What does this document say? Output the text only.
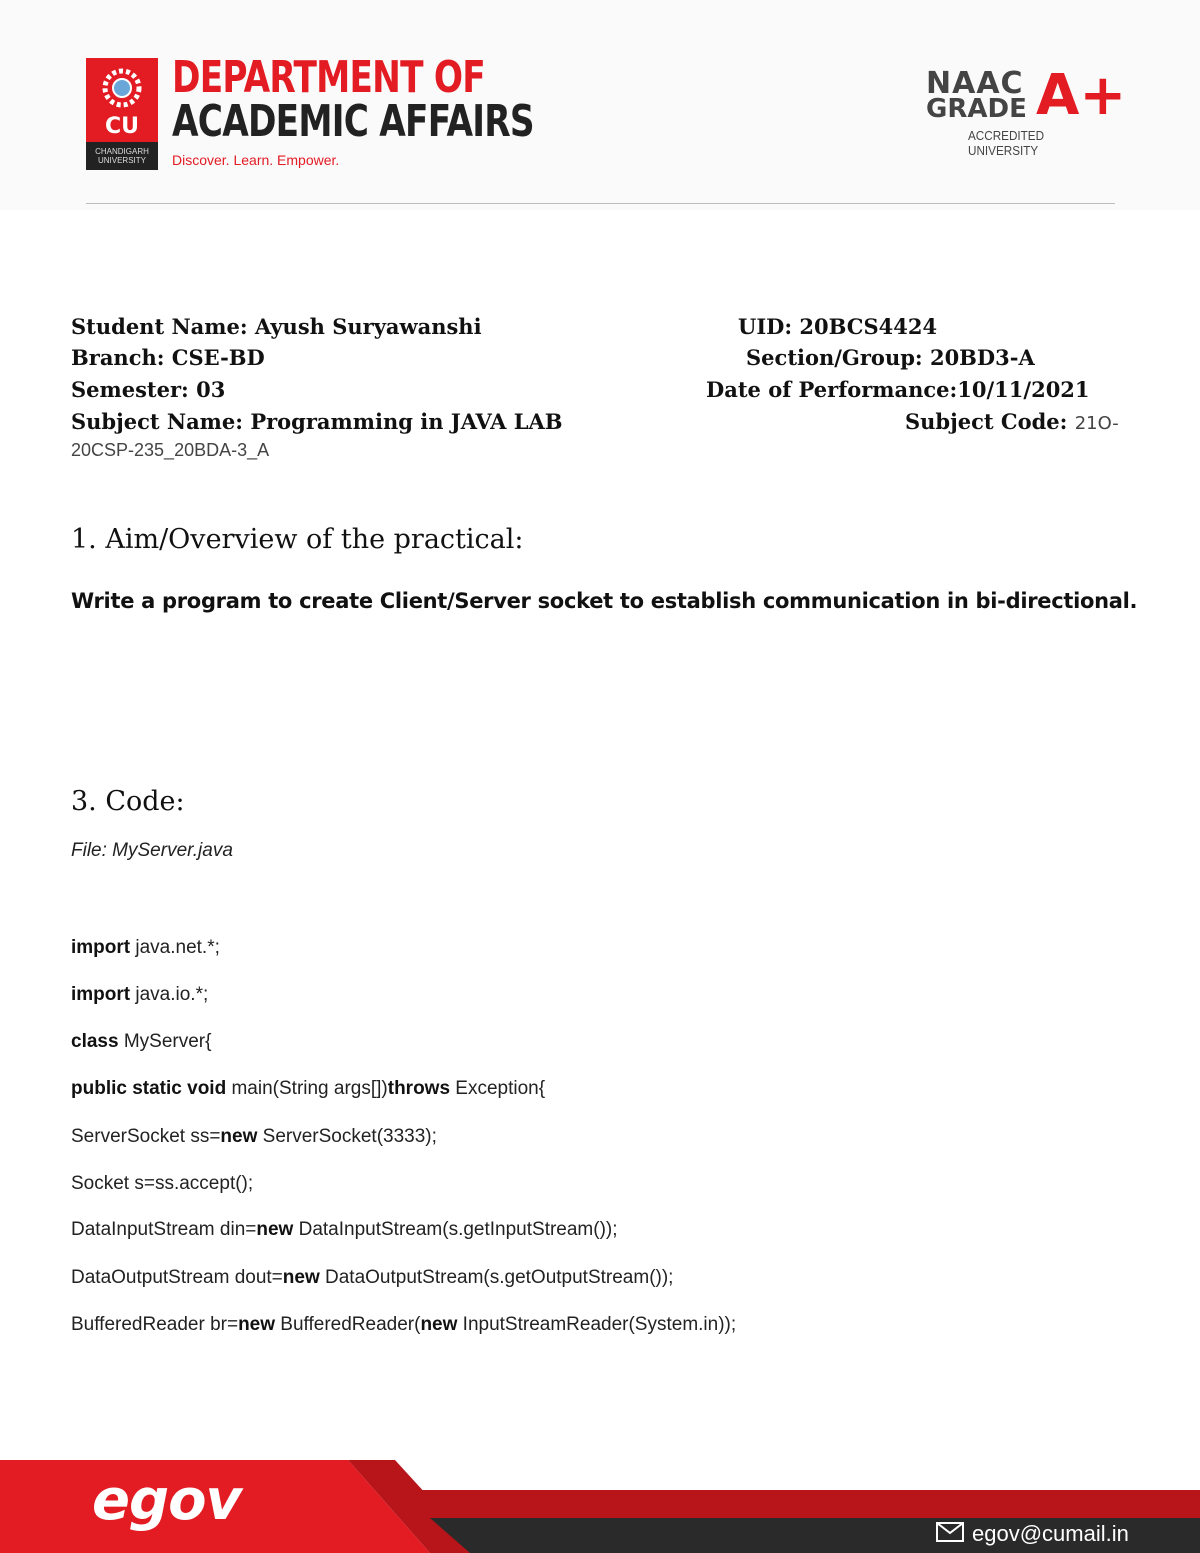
CU
CHANDIGARH UNIVERSITY
DEPARTMENT OF
ACADEMIC AFFAIRS
Discover. Learn. Empower.
NAAC
GRADE A+
ACCREDITED UNIVERSITY
Student Name: Ayush Suryawanshi	UID: 20BCS4424
Branch: CSE-BD	Section/Group: 20BD3-A
Semester: 03	Date of Performance:10/11/2021
Subject Name: Programming in JAVA LAB	Subject Code: 21O-
20CSP-235_20BDA-3_A
1. Aim/Overview of the practical:
Write a program to create Client/Server socket to establish communication in bi-directional.
3. Code:
File: MyServer.java
import java.net.*;
import java.io.*;
class MyServer{
public static void main(String args[])throws Exception{
ServerSocket ss=new ServerSocket(3333);
Socket s=ss.accept();
DataInputStream din=new DataInputStream(s.getInputStream());
DataOutputStream dout=new DataOutputStream(s.getOutputStream());
BufferedReader br=new BufferedReader(new InputStreamReader(System.in));
egov
egov@cumail.in
